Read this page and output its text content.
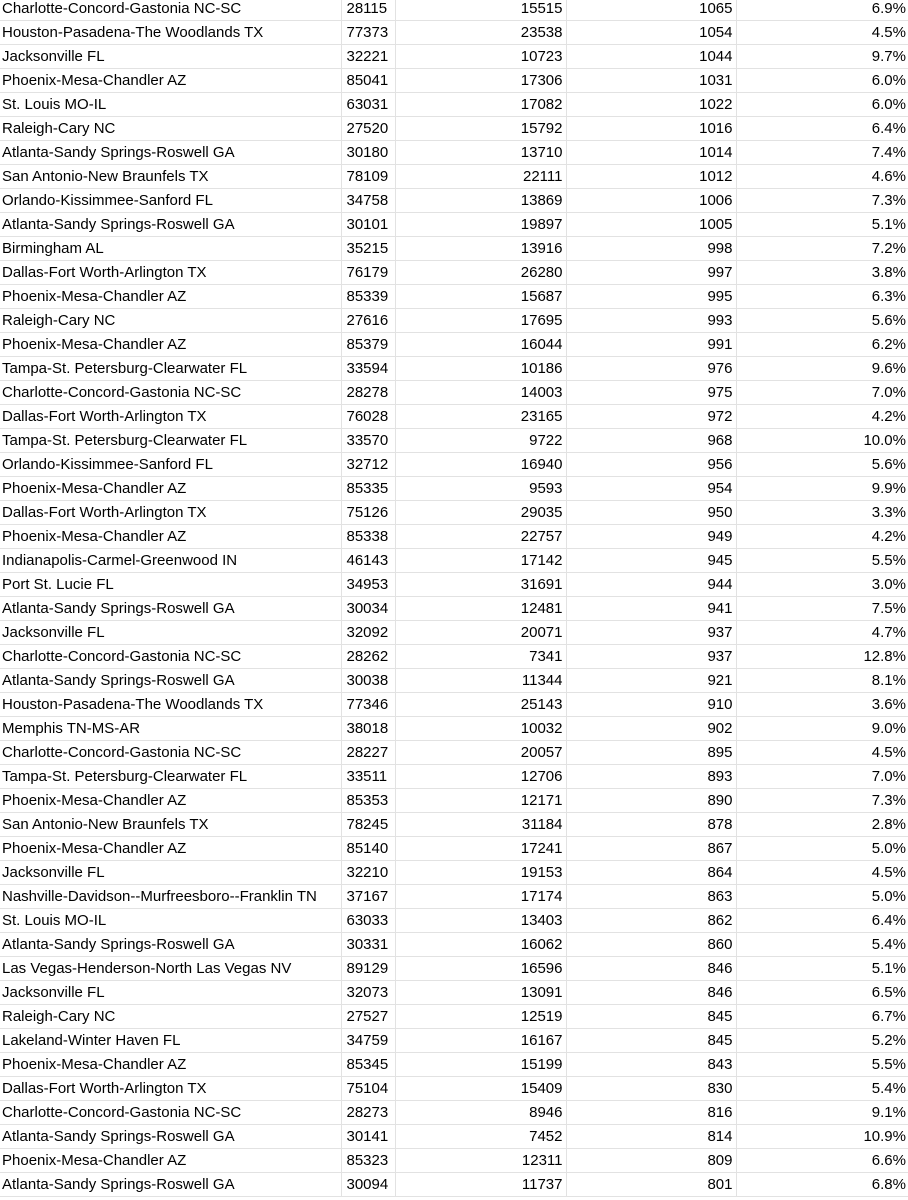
Charlotte-Concord-Gastonia NC-SC	28115	15515	1065	6.9%
Houston-Pasadena-The Woodlands TX	77373	23538	1054	4.5%
Jacksonville FL	32221	10723	1044	9.7%
Phoenix-Mesa-Chandler AZ	85041	17306	1031	6.0%
St. Louis MO-IL	63031	17082	1022	6.0%
Raleigh-Cary NC	27520	15792	1016	6.4%
Atlanta-Sandy Springs-Roswell GA	30180	13710	1014	7.4%
San Antonio-New Braunfels TX	78109	22111	1012	4.6%
Orlando-Kissimmee-Sanford FL	34758	13869	1006	7.3%
Atlanta-Sandy Springs-Roswell GA	30101	19897	1005	5.1%
Birmingham AL	35215	13916	998	7.2%
Dallas-Fort Worth-Arlington TX	76179	26280	997	3.8%
Phoenix-Mesa-Chandler AZ	85339	15687	995	6.3%
Raleigh-Cary NC	27616	17695	993	5.6%
Phoenix-Mesa-Chandler AZ	85379	16044	991	6.2%
Tampa-St. Petersburg-Clearwater FL	33594	10186	976	9.6%
Charlotte-Concord-Gastonia NC-SC	28278	14003	975	7.0%
Dallas-Fort Worth-Arlington TX	76028	23165	972	4.2%
Tampa-St. Petersburg-Clearwater FL	33570	9722	968	10.0%
Orlando-Kissimmee-Sanford FL	32712	16940	956	5.6%
Phoenix-Mesa-Chandler AZ	85335	9593	954	9.9%
Dallas-Fort Worth-Arlington TX	75126	29035	950	3.3%
Phoenix-Mesa-Chandler AZ	85338	22757	949	4.2%
Indianapolis-Carmel-Greenwood IN	46143	17142	945	5.5%
Port St. Lucie FL	34953	31691	944	3.0%
Atlanta-Sandy Springs-Roswell GA	30034	12481	941	7.5%
Jacksonville FL	32092	20071	937	4.7%
Charlotte-Concord-Gastonia NC-SC	28262	7341	937	12.8%
Atlanta-Sandy Springs-Roswell GA	30038	11344	921	8.1%
Houston-Pasadena-The Woodlands TX	77346	25143	910	3.6%
Memphis TN-MS-AR	38018	10032	902	9.0%
Charlotte-Concord-Gastonia NC-SC	28227	20057	895	4.5%
Tampa-St. Petersburg-Clearwater FL	33511	12706	893	7.0%
Phoenix-Mesa-Chandler AZ	85353	12171	890	7.3%
San Antonio-New Braunfels TX	78245	31184	878	2.8%
Phoenix-Mesa-Chandler AZ	85140	17241	867	5.0%
Jacksonville FL	32210	19153	864	4.5%
Nashville-Davidson--Murfreesboro--Franklin TN	37167	17174	863	5.0%
St. Louis MO-IL	63033	13403	862	6.4%
Atlanta-Sandy Springs-Roswell GA	30331	16062	860	5.4%
Las Vegas-Henderson-North Las Vegas NV	89129	16596	846	5.1%
Jacksonville FL	32073	13091	846	6.5%
Raleigh-Cary NC	27527	12519	845	6.7%
Lakeland-Winter Haven FL	34759	16167	845	5.2%
Phoenix-Mesa-Chandler AZ	85345	15199	843	5.5%
Dallas-Fort Worth-Arlington TX	75104	15409	830	5.4%
Charlotte-Concord-Gastonia NC-SC	28273	8946	816	9.1%
Atlanta-Sandy Springs-Roswell GA	30141	7452	814	10.9%
Phoenix-Mesa-Chandler AZ	85323	12311	809	6.6%
Atlanta-Sandy Springs-Roswell GA	30094	11737	801	6.8%
